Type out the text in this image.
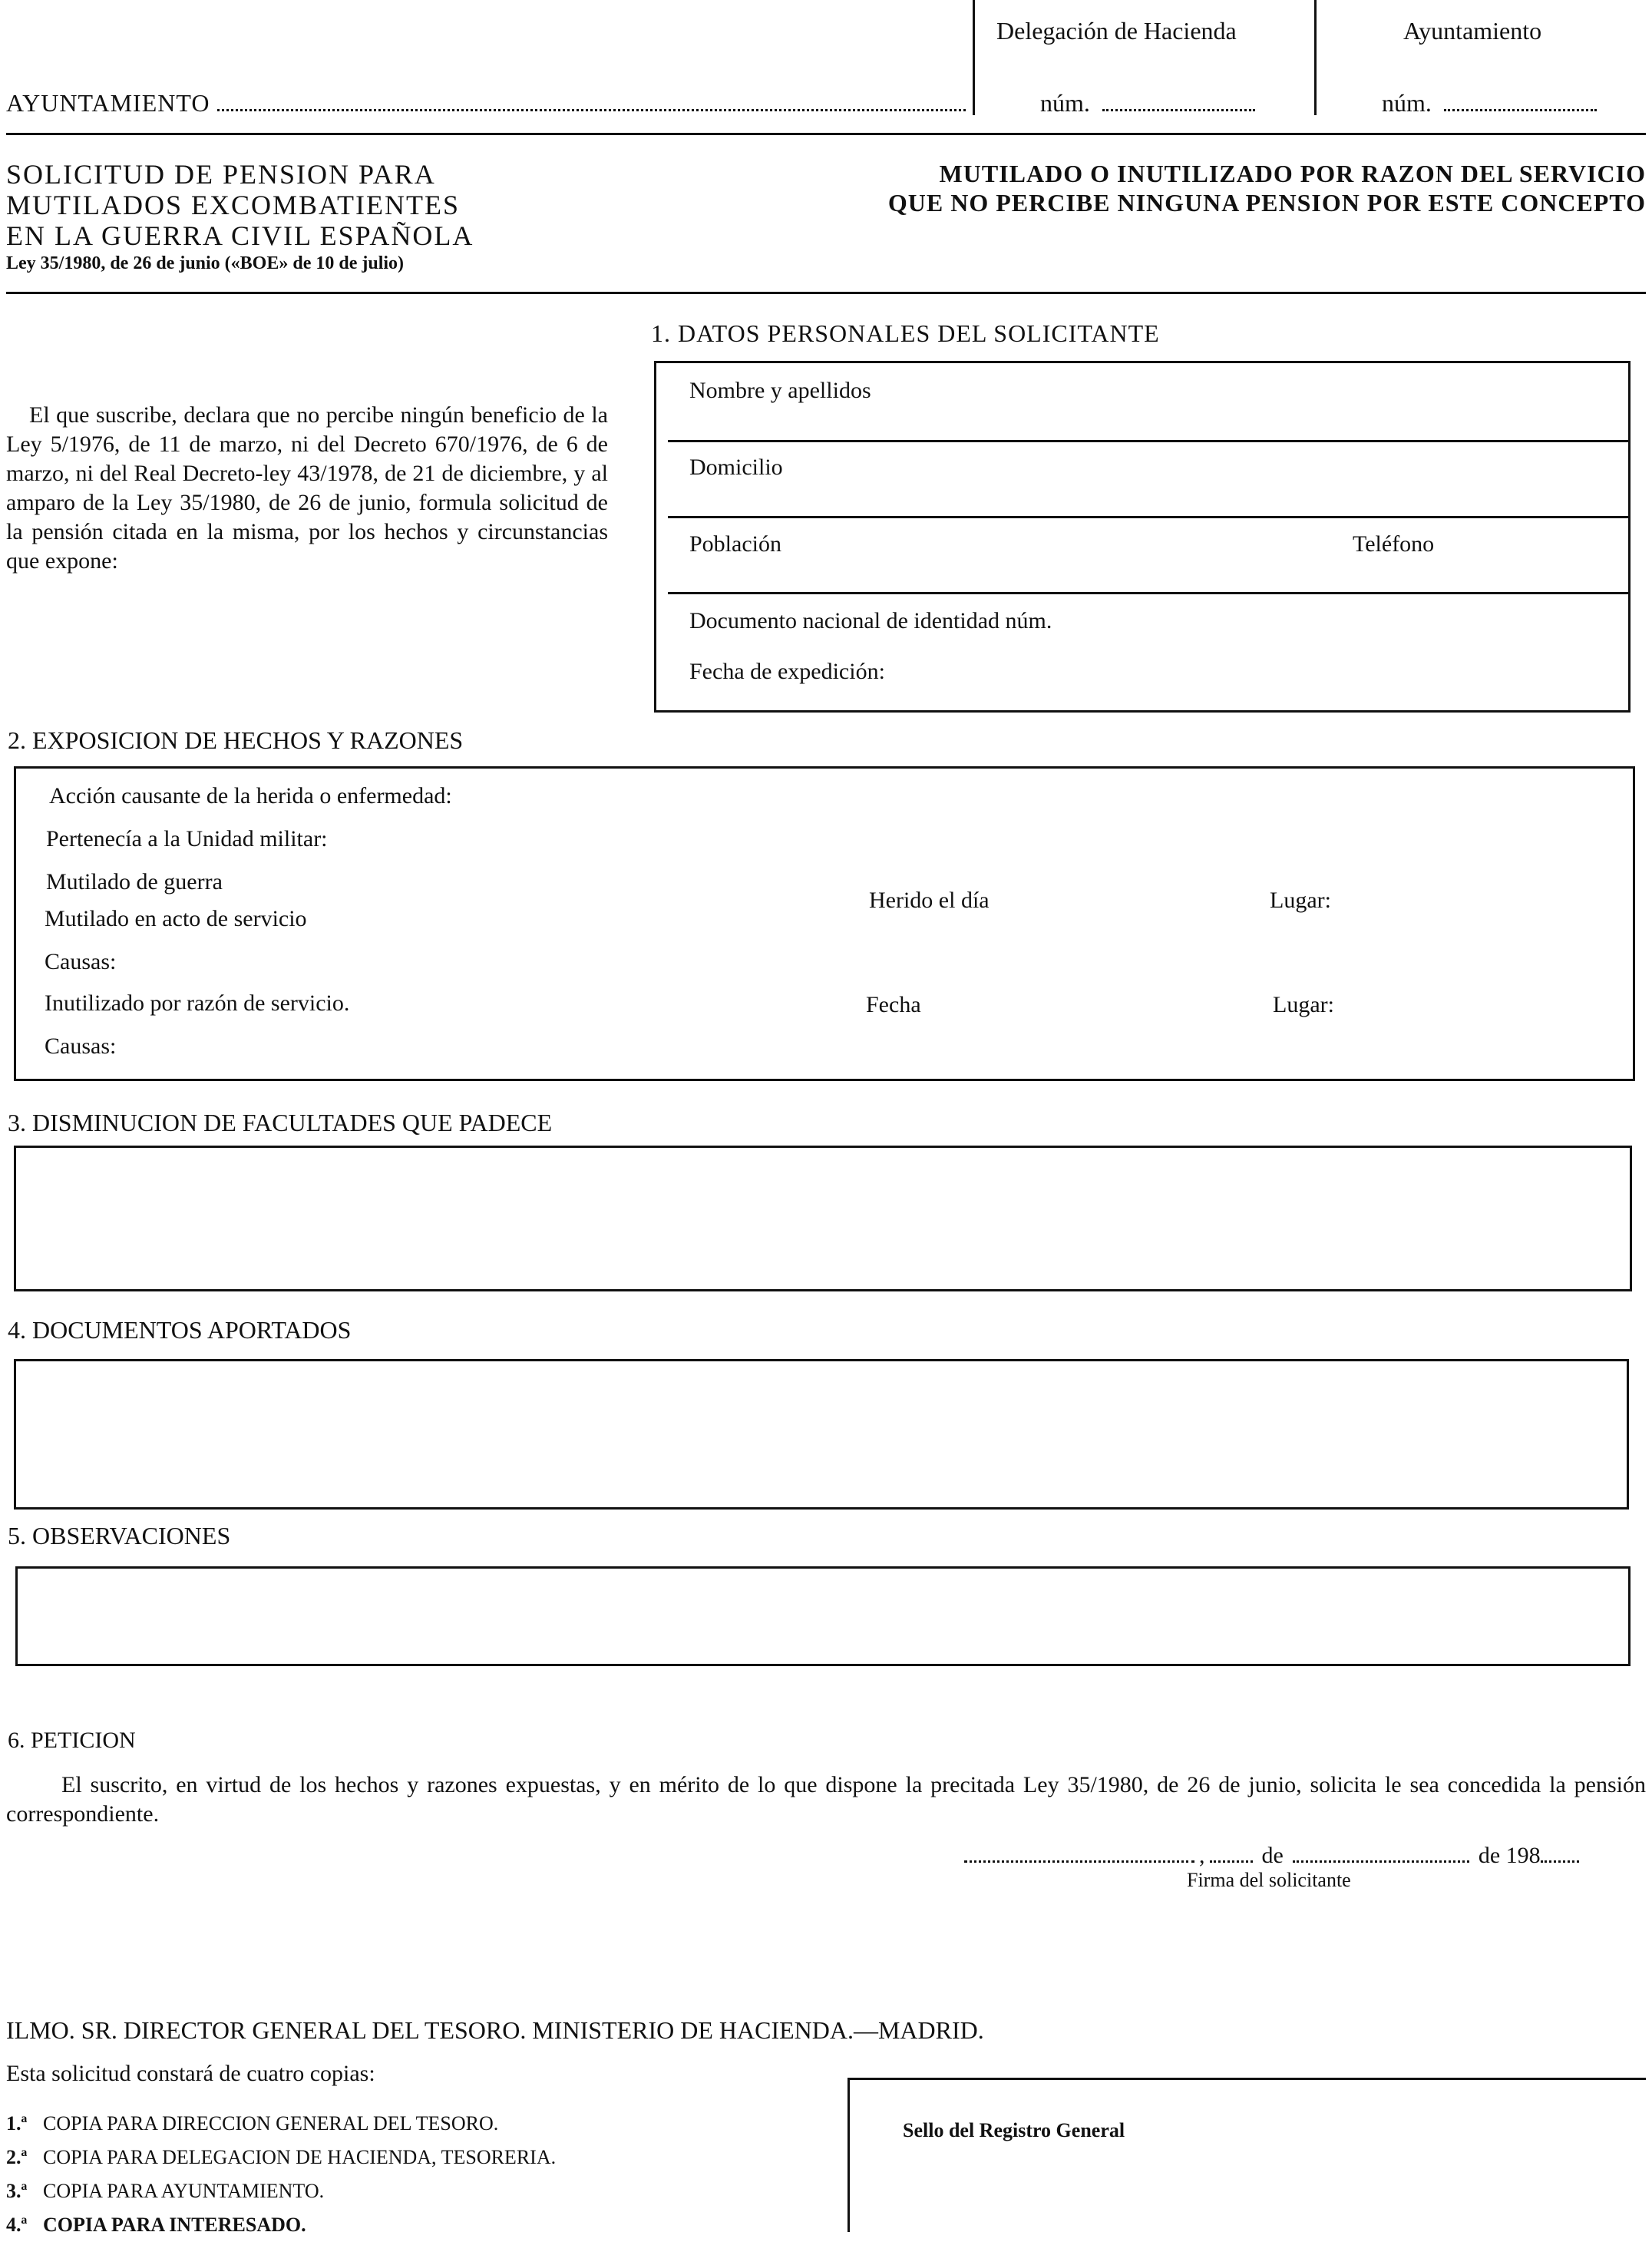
Delegación de Hacienda	Ayuntamiento
AYUNTAMIENTO	núm.	núm.
SOLICITUD DE PENSION PARA
MUTILADOS EXCOMBATIENTES
EN LA GUERRA CIVIL ESPAÑOLA
Ley 35/1980, de 26 de junio («BOE» de 10 de julio)
MUTILADO O INUTILIZADO POR RAZON DEL SERVICIO
QUE NO PERCIBE NINGUNA PENSION POR ESTE CONCEPTO
El que suscribe, declara que no percibe ningún beneficio de la Ley 5/1976, de 11 de marzo, ni del Decreto 670/1976, de 6 de marzo, ni del Real Decreto-ley 43/1978, de 21 de diciembre, y al amparo de la Ley 35/1980, de 26 de junio, formula solicitud de la pensión citada en la misma, por los hechos y circunstancias que expone:
1. DATOS PERSONALES DEL SOLICITANTE
Nombre y apellidos
Domicilio
Población	Teléfono
Documento nacional de identidad núm.
Fecha de expedición:
2. EXPOSICION DE HECHOS Y RAZONES
Acción causante de la herida o enfermedad:
Pertenecía a la Unidad militar:
Mutilado de guerra
Mutilado en acto de servicio
Herido el día	Lugar:
Causas:
Inutilizado por razón de servicio.	Fecha	Lugar:
Causas:
3. DISMINUCION DE FACULTADES QUE PADECE
4. DOCUMENTOS APORTADOS
5. OBSERVACIONES
6. PETICION
El suscrito, en virtud de los hechos y razones expuestas, y en mérito de lo que dispone la precitada Ley 35/1980, de 26 de junio, solicita le sea concedida la pensión correspondiente.
, de	de 198
Firma del solicitante
ILMO. SR. DIRECTOR GENERAL DEL TESORO. MINISTERIO DE HACIENDA.—MADRID.
Esta solicitud constará de cuatro copias:
1.ª COPIA PARA DIRECCION GENERAL DEL TESORO.
2.ª COPIA PARA DELEGACION DE HACIENDA, TESORERIA.
3.ª COPIA PARA AYUNTAMIENTO.
4.ª COPIA PARA INTERESADO.
Sello del Registro General
